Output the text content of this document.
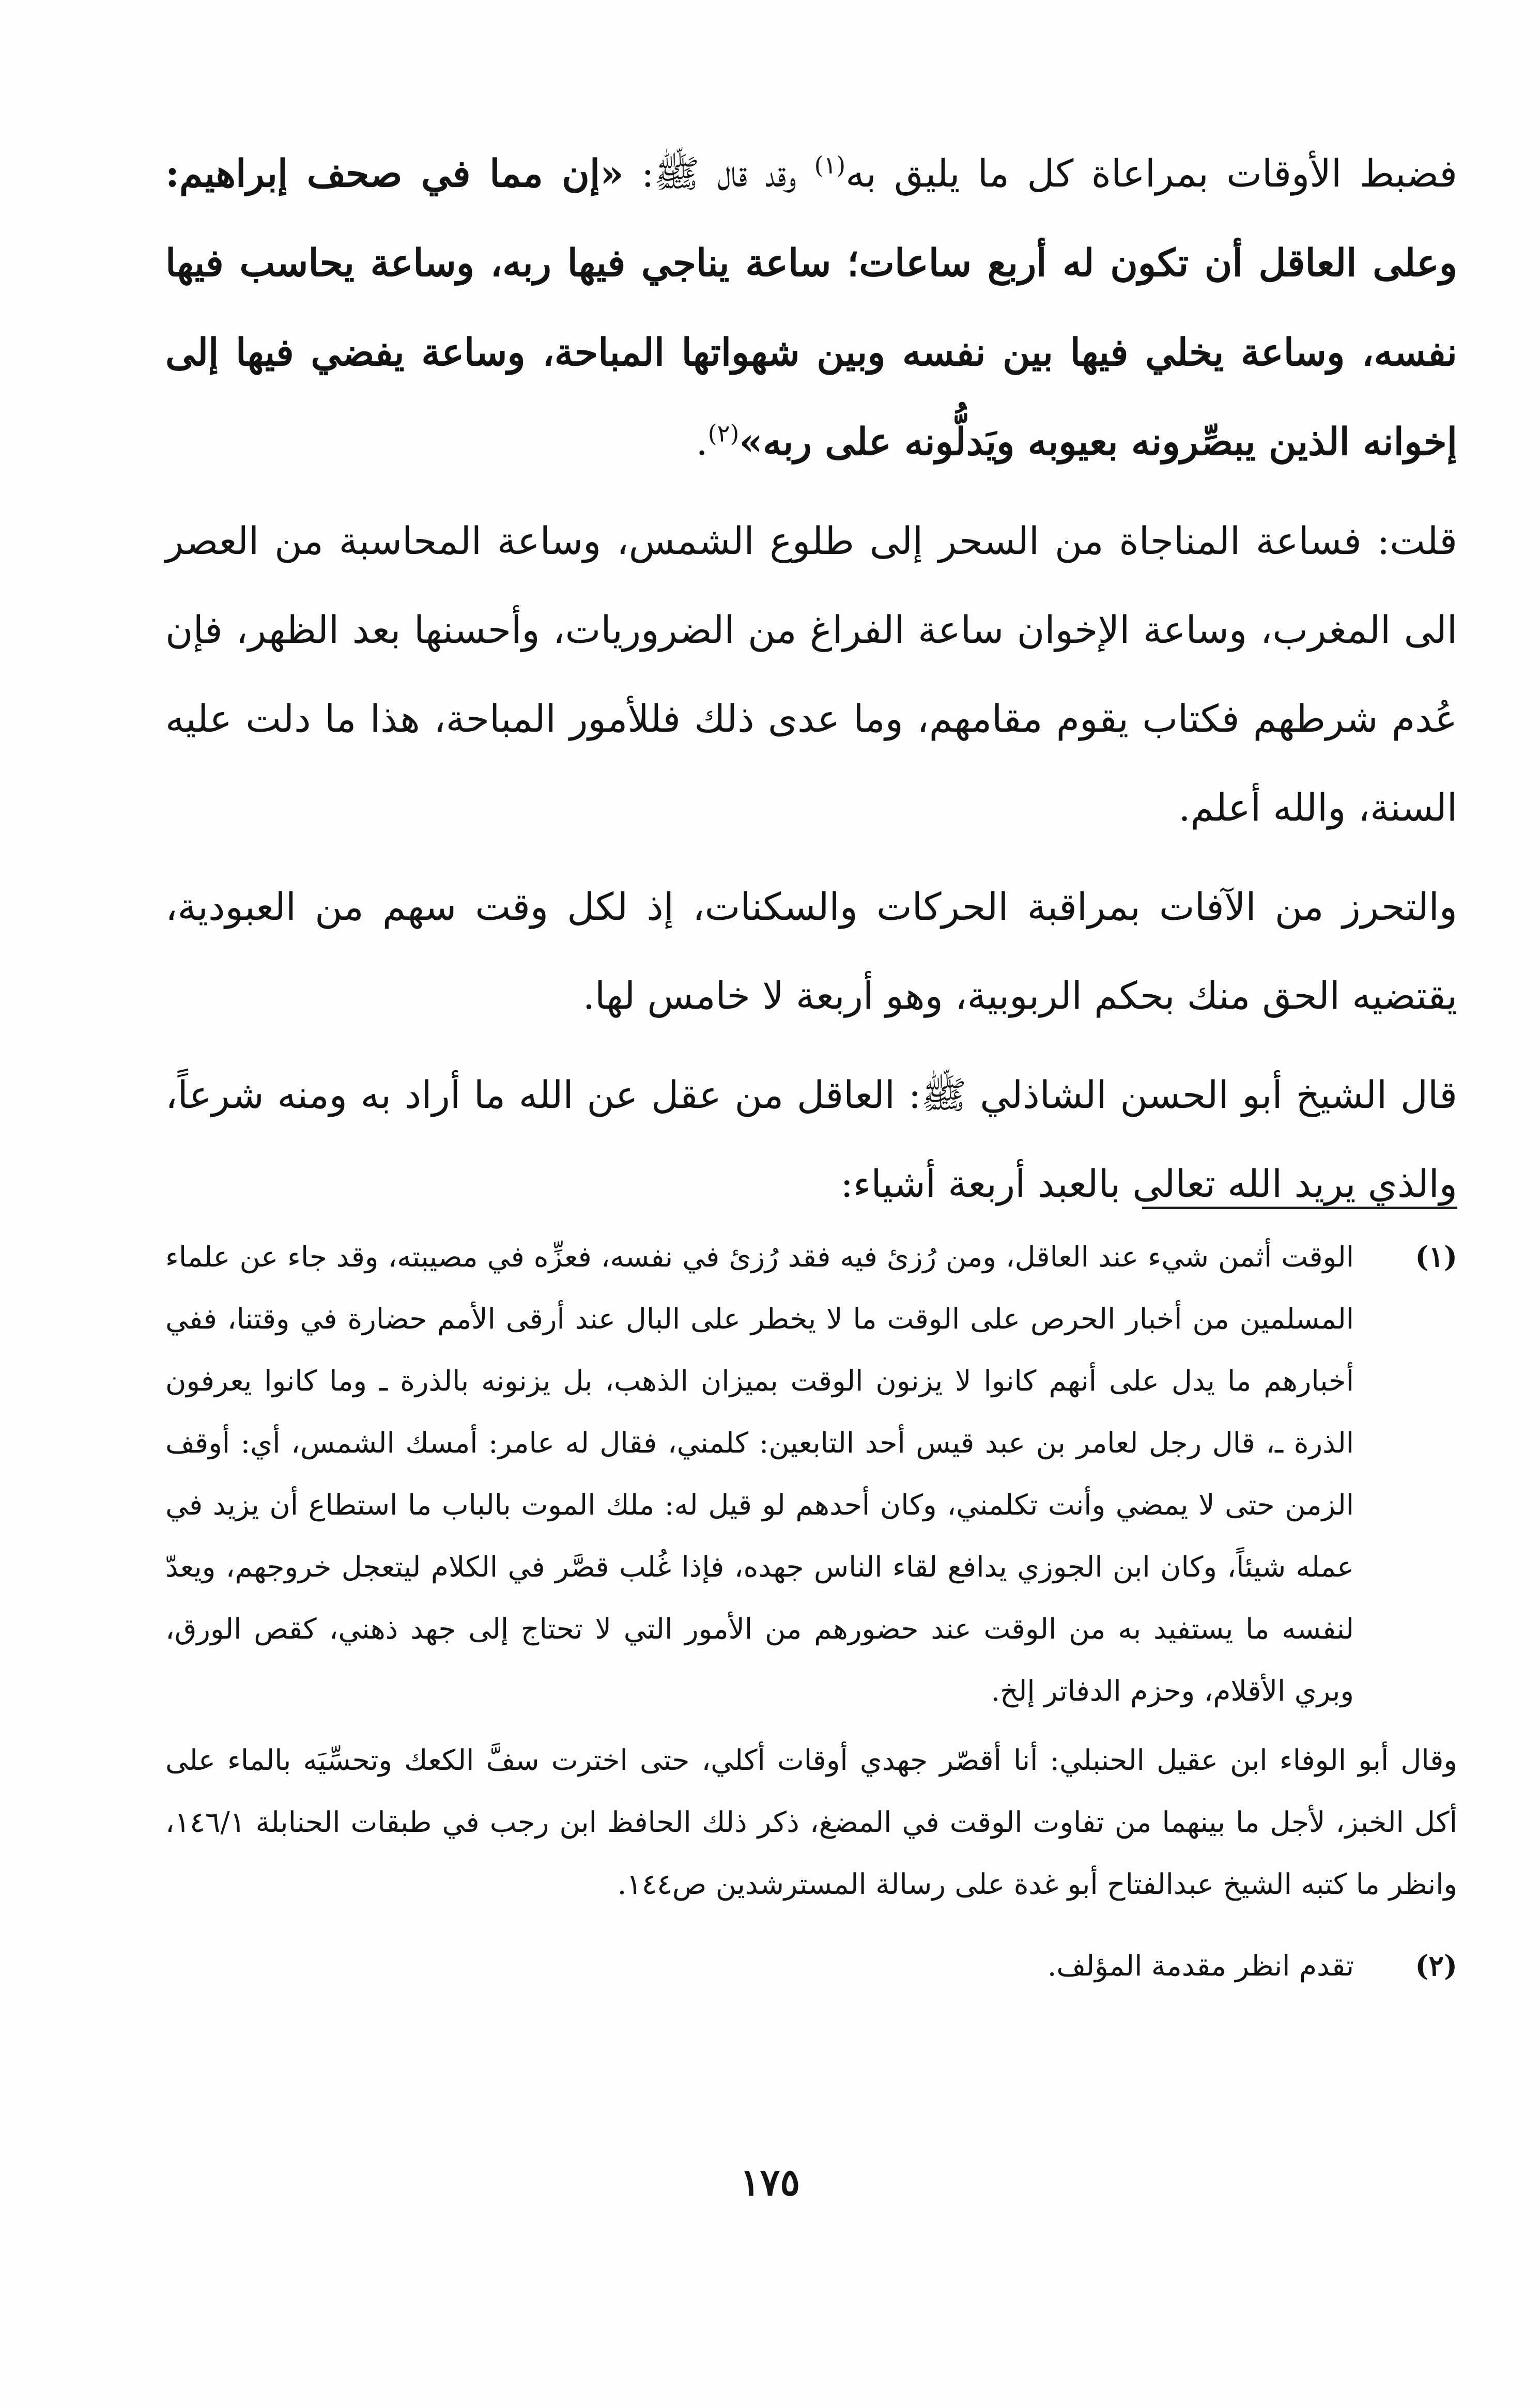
فضبط الأوقات بمراعاة كل ما يليق به$^{(١)}$ وقد قال ﷺ: «إن مما في صحف إبراهيم: وعلى العاقل أن تكون له أربع ساعات؛ ساعة يناجي فيها ربه، وساعة يحاسب فيها نفسه، وساعة يخلي فيها بين نفسه وبين شهواتها المباحة، وساعة يفضي فيها إلى إخوانه الذين يبصِّرونه بعيوبه ويَدلُّونه على ربه»$^{(٢)}$.

قلت: فساعة المناجاة من السحر إلى طلوع الشمس، وساعة المحاسبة من العصر الى المغرب، وساعة الإخوان ساعة الفراغ من الضروريات، وأحسنها بعد الظهر، فإن عُدم شرطهم فكتاب يقوم مقامهم، وما عدى ذلك فللأمور المباحة، هذا ما دلت عليه السنة، والله أعلم.

والتحرز من الآفات بمراقبة الحركات والسكنات، إذ لكل وقت سهم من العبودية، يقتضيه الحق منك بحكم الربوبية، وهو أربعة لا خامس لها.

قال الشيخ أبو الحسن الشاذلي ﷺ: العاقل من عقل عن الله ما أراد به ومنه شرعاً، والذي يريد الله تعالى بالعبد أربعة أشياء:

(١)
الوقت أثمن شيء عند العاقل، ومن رُزئ فيه فقد رُزئ في نفسه، فعزِّه في مصيبته، وقد جاء عن علماء المسلمين من أخبار الحرص على الوقت ما لا يخطر على البال عند أرقى الأمم حضارة في وقتنا، ففي أخبارهم ما يدل على أنهم كانوا لا يزنون الوقت بميزان الذهب، بل يزنونه بالذرة ـ وما كانوا يعرفون الذرة ـ، قال رجل لعامر بن عبد قيس أحد التابعين: كلمني، فقال له عامر: أمسك الشمس، أي: أوقف الزمن حتى لا يمضي وأنت تكلمني، وكان أحدهم لو قيل له: ملك الموت بالباب ما استطاع أن يزيد في عمله شيئاً، وكان ابن الجوزي يدافع لقاء الناس جهده، فإذا غُلب قصَّر في الكلام ليتعجل خروجهم، ويعدّ لنفسه ما يستفيد به من الوقت عند حضورهم من الأمور التي لا تحتاج إلى جهد ذهني، كقص الورق، وبري الأقلام، وحزم الدفاتر إلخ.

وقال أبو الوفاء ابن عقيل الحنبلي: أنا أقصّر جهدي أوقات أكلي، حتى اخترت سفَّ الكعك وتحسِّيَه بالماء على أكل الخبز، لأجل ما بينهما من تفاوت الوقت في المضغ، ذكر ذلك الحافظ ابن رجب في طبقات الحنابلة ١٤٦/١، وانظر ما كتبه الشيخ عبدالفتاح أبو غدة على رسالة المسترشدين ص١٤٤.

(٢)
تقدم انظر مقدمة المؤلف.

١٧٥
